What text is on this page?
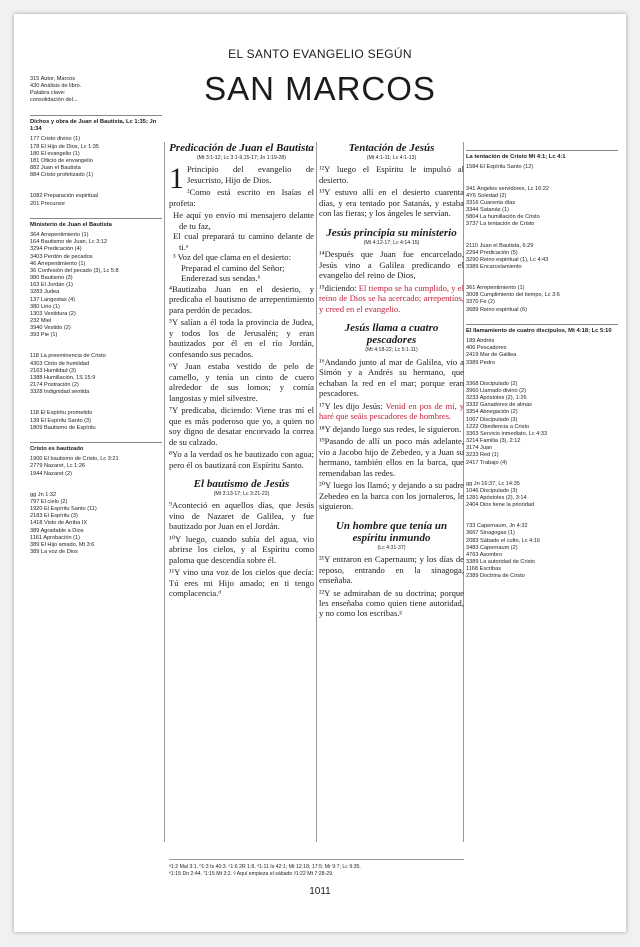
EL SANTO EVANGELIO SEGÚN
SAN MARCOS
315 Autor, Marcos
430 Análisis de libro.
Palabra clave:
consolidación del...
Dichos y obra de Juan el Bautista, Lc 1:35; Jn 1:34
177 Cristo divino (1)
178 El Hijo de Dios, Lc 1:35
180 El evangelio (1)
181 Ofiicio de envangelio
882 Juan el Bautista
884 Cristo profetizado (1)
1082 Preparación espiritual
201 Precursor
Ministerio de Juan el Bautista
364 Arrepentimiento (1)
164 Bautismo de Juan, Lc 3:12
3294 Predicación (4)
3403 Perdón de pecados
46 Arrepentimiento (1)
36 Confesión del pecado (3), Lc 5:8
980 Bautismo (3)
163 El Jordán (1)
3283 Judea
137 Langostas (4)
380 Lirio (1)
1303 Vestidura (2)
232 Miel
3940 Vestido (2)
393 Pie (1)
118 La preeminencia de Cristo
4303 Cinto de humildad
2163 Humildad (3)
1388 Humillación, 1S 15:9
2174 Postración (2)
3328 Indignidad sentida
118 El Espíritu prometido
139 El Espíritu Santo (3)
1809 Bautismo de Espíritu
Cristo es bautizado
1900 El bautismo de Cristo, Lc 3:21
2779 Nazaret, Lc 1:26
1944 Nazaret (2)
gg Jn 1:32
797 El cielo (2)
1920 El Espíritu Santo (11)
2183 El Espíritu (3)
1418 Visto de Arriba IX
389 Agradable a Dios
1161 Aprobación (1)
389 El Hijo amado, Mt 3:6
389 La voz de Dios
Predicación de Juan el Bautista
(Mt 3:1-12; Lc 3:1-9,15-17; Jn 1:19-28)

1 Principio del evangelio de Jesucristo, Hijo de Dios.

²Como está escrito en Isaías el profeta:

He aquí yo envío mi mensajero delante de tu faz,

El cual preparará tu camino delante de ti.ᵃ

³ Voz del que clama en el desierto:

Preparad el camino del Señor;

Enderezad sus sendas.ᵇ

⁴Bautizaba Juan en el desierto, y predicaba el bautismo de arrepentimiento para perdón de pecados.

⁵Y salían a él toda la provincia de Judea, y todos los de Jerusalén; y eran bautizados por él en el río Jordán, confesando sus pecados.

⁶Y Juan estaba vestido de pelo de camello, y tenía un cinto de cuero alrededor de sus lomos; y comía langostas y miel silvestre.

⁷Y predicaba, diciendo: Viene tras mí el que es más poderoso que yo, a quien no soy digno de desatar encorvado la correa de su calzado.

⁸Yo a la verdad os he bautizado con agua; pero él os bautizará con Espíritu Santo.

El bautismo de Jesús
(Mt 3:13-17; Lc 3:21-22)

⁹Aconteció en aquellos días, que Jesús vino de Nazaret de Galilea, y fue bautizado por Juan en el Jordán.

¹⁰Y luego, cuando subía del agua, vio abrirse los cielos, y al Espíritu como paloma que descendía sobre él.

¹¹Y vino una voz de los cielos que decía: Tú eres mi Hijo amado; en ti tengo complacencia.ᵈ

Tentación de Jesús
(Mt 4:1-11; Lc 4:1-13)

¹²Y luego el Espíritu le impulsó al desierto.

¹³Y estuvo allí en el desierto cuarenta días, y era tentado por Satanás, y estaba con las fieras; y los ángeles le servían.

Jesús principia su ministerio
(Mt 4:12-17; Lc 4:14-15)

¹⁴Después que Juan fue encarcelado, Jesús vino a Galilea predicando el evangelio del reino de Dios,

¹⁵diciendo: El tiempo se ha cumplido, y el reino de Dios se ha acercado; arrepentíos, y creed en el evangelio.

Jesús llama a cuatro pescadores
(Mt 4:18-22; Lc 5:1-11)

¹⁶Andando junto al mar de Galilea, vio a Simón y a Andrés su hermano, que echaban la red en el mar; porque eran pescadores.

¹⁷Y les dijo Jesús: Venid en pos de mí, y haré que seáis pescadores de hombres.

¹⁸Y dejando luego sus redes, le siguieron.

¹⁹Pasando de allí un poco más adelante, vio a Jacobo hijo de Zebedeo, y a Juan su hermano, también ellos en la barca, que remendaban las redes.

²⁰Y luego los llamó; y dejando a su padre Zebedeo en la barca con los jornaleros, le siguieron.

Un hombre que tenía un espíritu inmundo
(Lc 4:31-37)

²¹Y entraron en Capernaum; y los días de reposo, entrando en la sinagoga, enseñaba.

²²Y se admiraban de su doctrina; porque les enseñaba como quien tiene autoridad, y no como los escribas.ᵍ

La tentación de Cristo Mt 4:1; Lc 4:1
1584 El Espíritu Santo (12)
341 Ángeles servidores, Lc 16:22
4Y6 Soledad (2)
3316 Cuarenta días
3344 Satanás (1)
5804 La humillación de Cristo
3737 La tentación de Cristo
2110 Juan el Bautista, 6:29
2294 Predicación (5)
3290 Reino espiritual (1), Lc 4:43
3389 Encarcelamiento
361 Arrepentimiento (1)
3008 Cumplimiento del tiempo, Lc 3:6
3370 Fe (2)
3689 Reino espiritual (6)
El llamamiento de cuatro discípulos, Mt 4:18; Lc 5:10
189 Andrés
406 Pescadores
2419 Mar de Galilea
3389 Pedro
3368 Discipulado (2)
3960 Llamado divino (2)
3233 Apóstoles (2), 1:26
3332 Ganadores de almas
3354 Abnegación (2)
1067 Discipulado (3)
1222 Obediencia a Cristo
3363 Servicio inmediato, Lc 4:33
3214 Familia (3), 2:12
3174 Juan
3233 Red (1)
2417 Trabajo (4)
gg Jn 16:37, Lc 14:35
1046 Discipulado (3)
1281 Apóstoles (2), 3:14
2404 Dios tiene la prioridad
733 Capernaum, Jn 4:32
3667 Sinagogas (1)
2083 Sábado el culto, Lc 4:16
3483 Capernaum (2)
4763 Asombro
3389 La autoridad de Cristo
1168 Escribas
2389 Doctrina de Cristo
ᵃ1:2 Mal 3:1. ᵇ1:3 Is 40:3. ᶜ1:6 2R 1:8. ᵈ1:11 Is 42:1; Mt 12:18; 17:5; Mr 9:7; Lc 9:35.
ᵉ1:15 Dn 2:44. ᶠ1:15 Mt 3:2. ᵍ Aquí empieza el sábado ᵍ1:22 Mt 7:28-29.
1011
